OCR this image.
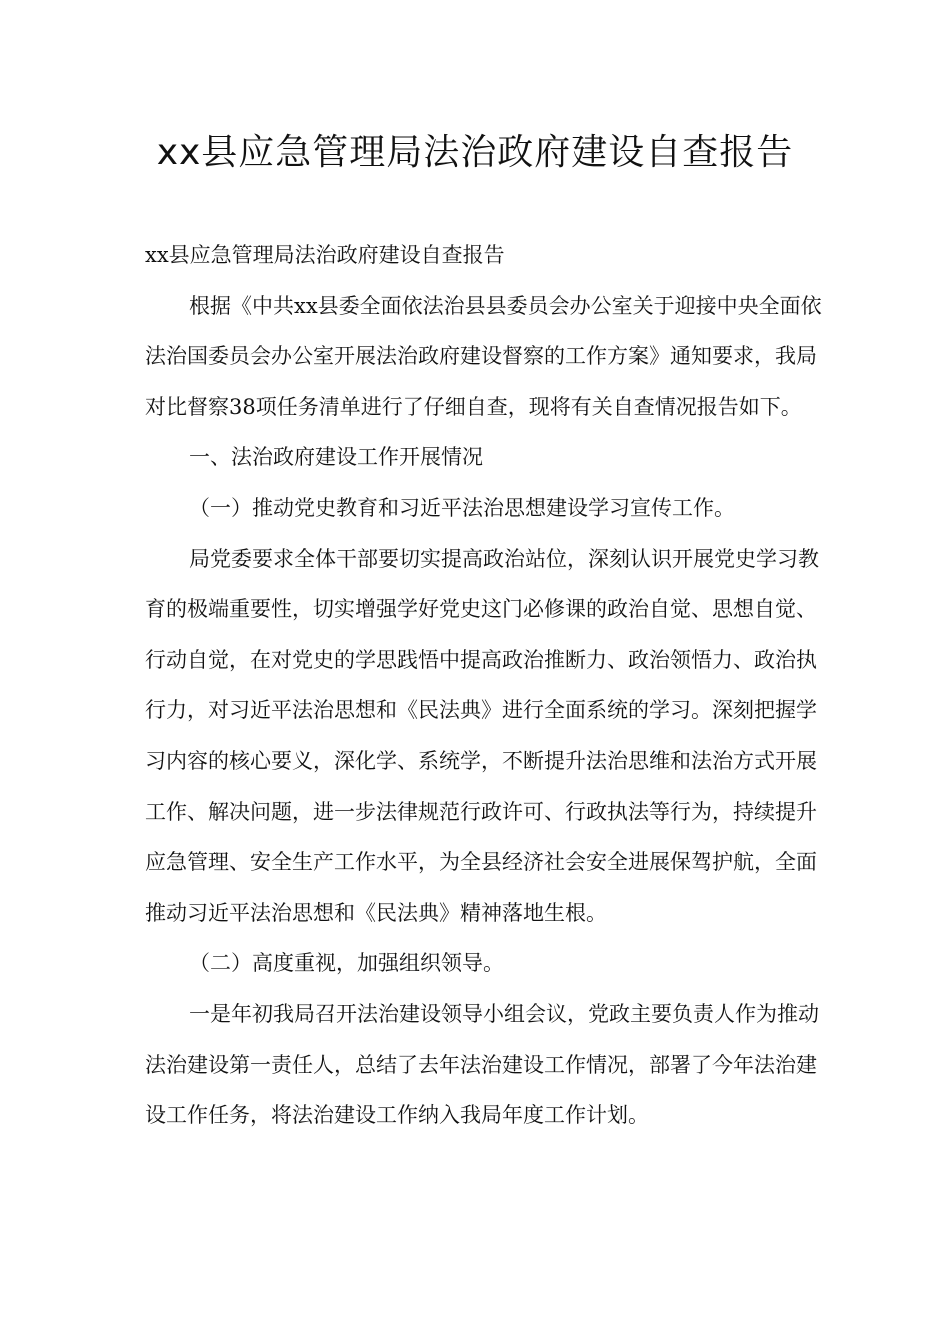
xx县应急管理局法治政府建设自查报告

xx县应急管理局法治政府建设自查报告

根据《中共xx县委全面依法治县县委员会办公室关于迎接中央全面依法治国委员会办公室开展法治政府建设督察的工作方案》通知要求，我局对比督察38项任务清单进行了仔细自查，现将有关自查情况报告如下。

一、法治政府建设工作开展情况

（一）推动党史教育和习近平法治思想建设学习宣传工作。

局党委要求全体干部要切实提高政治站位，深刻认识开展党史学习教育的极端重要性，切实增强学好党史这门必修课的政治自觉、思想自觉、行动自觉，在对党史的学思践悟中提高政治推断力、政治领悟力、政治执行力，对习近平法治思想和《民法典》进行全面系统的学习。深刻把握学习内容的核心要义，深化学、系统学，不断提升法治思维和法治方式开展工作、解决问题，进一步法律规范行政许可、行政执法等行为，持续提升应急管理、安全生产工作水平，为全县经济社会安全进展保驾护航，全面推动习近平法治思想和《民法典》精神落地生根。

（二）高度重视，加强组织领导。

一是年初我局召开法治建设领导小组会议，党政主要负责人作为推动法治建设第一责任人，总结了去年法治建设工作情况，部署了今年法治建设工作任务，将法治建设工作纳入我局年度工作计划。
